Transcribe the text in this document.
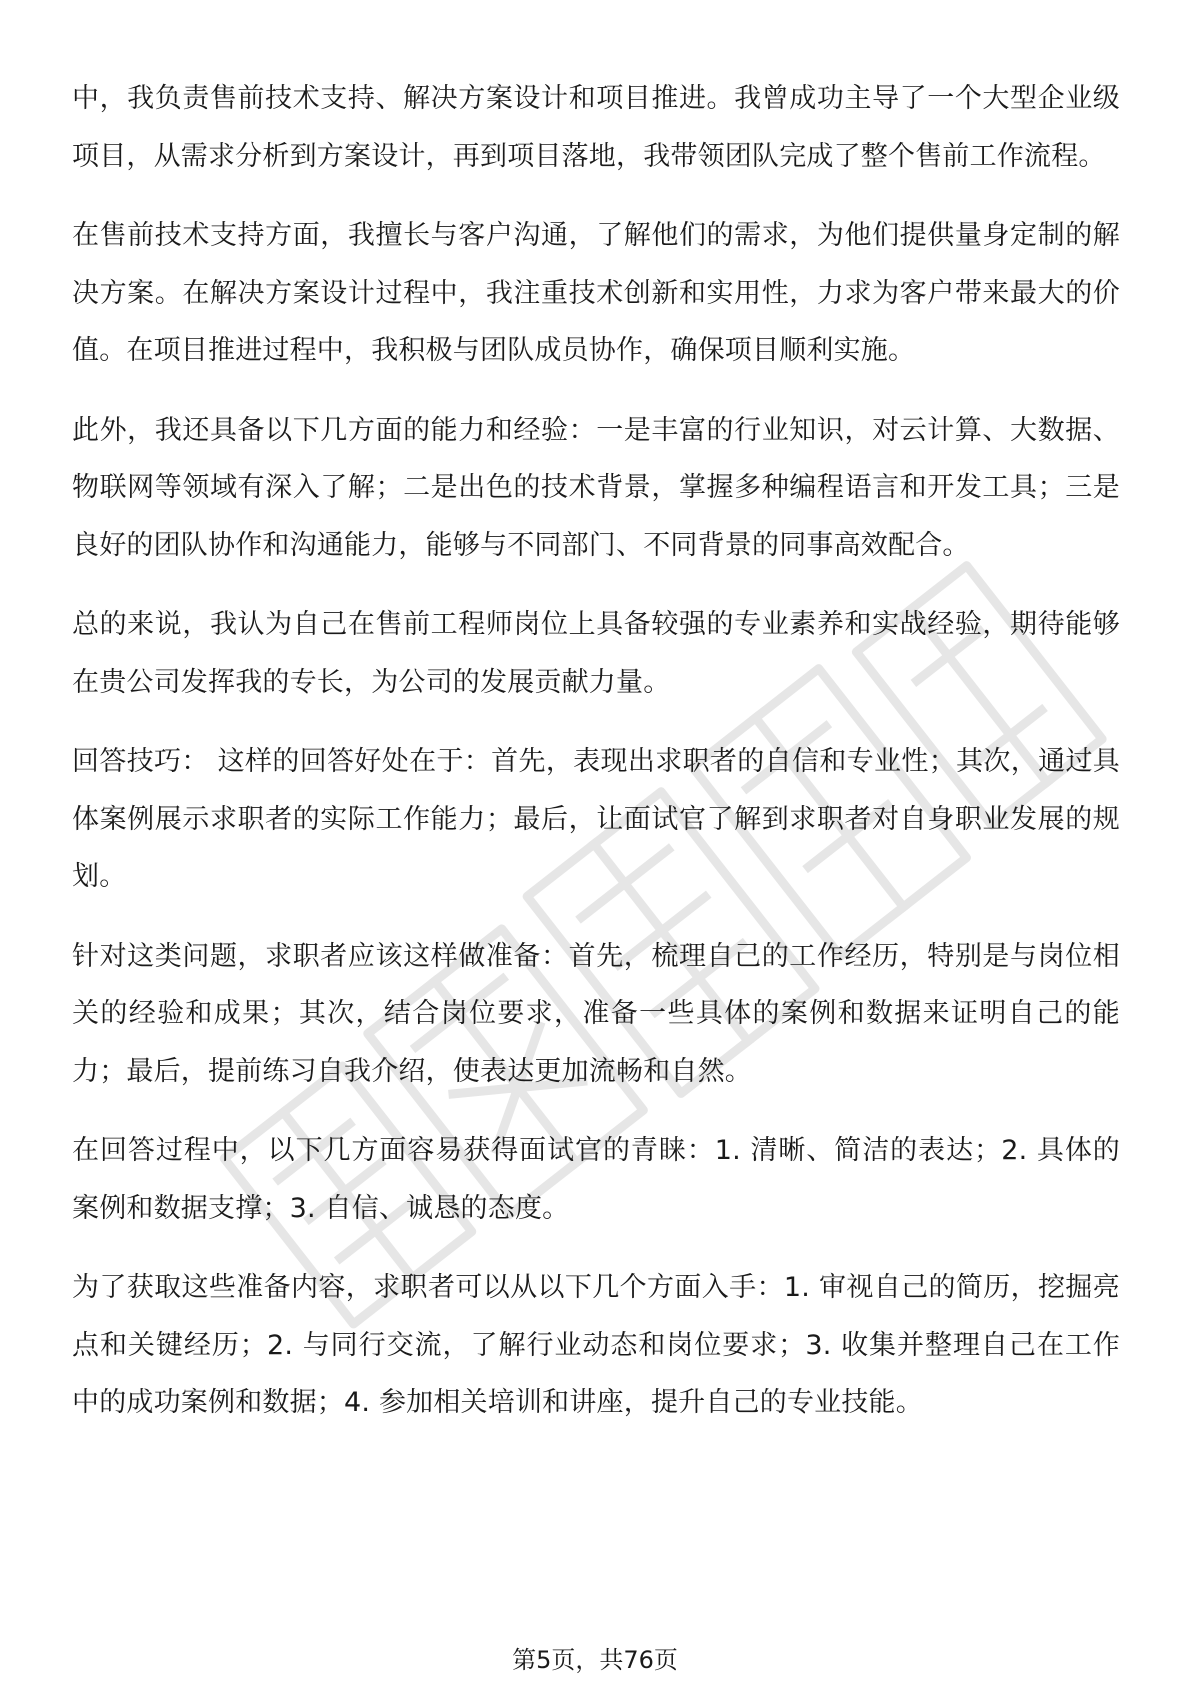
中，我负责售前技术支持、解决方案设计和项目推进。我曾成功主导了一个大型企业级项目，从需求分析到方案设计，再到项目落地，我带领团队完成了整个售前工作流程。

在售前技术支持方面，我擅长与客户沟通，了解他们的需求，为他们提供量身定制的解决方案。在解决方案设计过程中，我注重技术创新和实用性，力求为客户带来最大的价值。在项目推进过程中，我积极与团队成员协作，确保项目顺利实施。

此外，我还具备以下几方面的能力和经验：一是丰富的行业知识，对云计算、大数据、物联网等领域有深入了解；二是出色的技术背景，掌握多种编程语言和开发工具；三是良好的团队协作和沟通能力，能够与不同部门、不同背景的同事高效配合。

总的来说，我认为自己在售前工程师岗位上具备较强的专业素养和实战经验，期待能够在贵公司发挥我的专长，为公司的发展贡献力量。

回答技巧： 这样的回答好处在于：首先，表现出求职者的自信和专业性；其次，通过具体案例展示求职者的实际工作能力；最后，让面试官了解到求职者对自身职业发展的规划。

针对这类问题，求职者应该这样做准备：首先，梳理自己的工作经历，特别是与岗位相关的经验和成果；其次，结合岗位要求，准备一些具体的案例和数据来证明自己的能力；最后，提前练习自我介绍，使表达更加流畅和自然。

在回答过程中，以下几方面容易获得面试官的青睐：1. 清晰、简洁的表达；2. 具体的案例和数据支撑；3. 自信、诚恳的态度。

为了获取这些准备内容，求职者可以从以下几个方面入手：1. 审视自己的简历，挖掘亮点和关键经历；2. 与同行交流，了解行业动态和岗位要求；3. 收集并整理自己在工作中的成功案例和数据；4. 参加相关培训和讲座，提升自己的专业技能。

第5页，共76页
